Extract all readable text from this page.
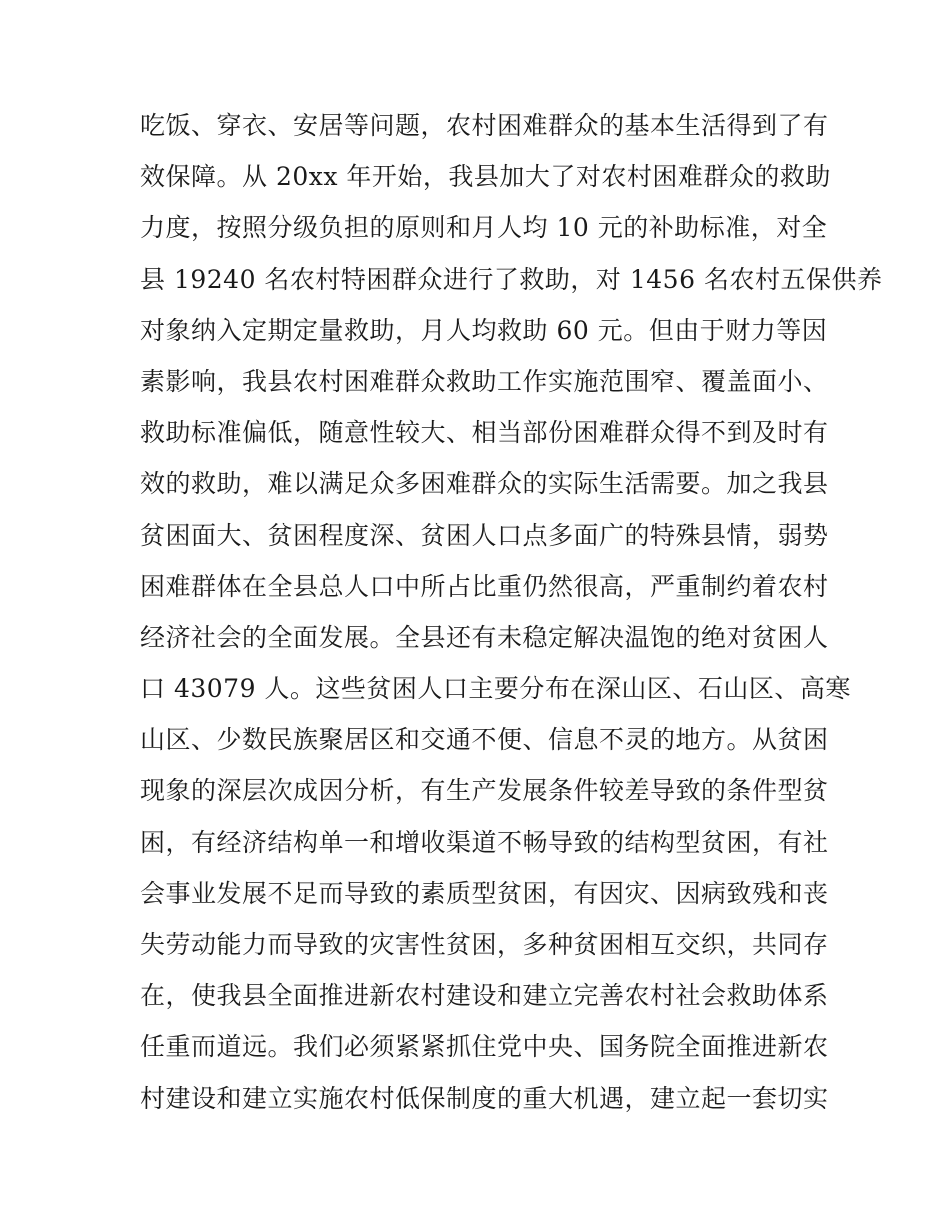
吃饭、穿衣、安居等问题，农村困难群众的基本生活得到了有
效保障。从 20xx 年开始，我县加大了对农村困难群众的救助
力度，按照分级负担的原则和月人均 10 元的补助标准，对全
县 19240 名农村特困群众进行了救助，对 1456 名农村五保供养
对象纳入定期定量救助，月人均救助 60 元。但由于财力等因
素影响，我县农村困难群众救助工作实施范围窄、覆盖面小、
救助标准偏低，随意性较大、相当部份困难群众得不到及时有
效的救助，难以满足众多困难群众的实际生活需要。加之我县
贫困面大、贫困程度深、贫困人口点多面广的特殊县情，弱势
困难群体在全县总人口中所占比重仍然很高，严重制约着农村
经济社会的全面发展。全县还有未稳定解决温饱的绝对贫困人
口 43079 人。这些贫困人口主要分布在深山区、石山区、高寒
山区、少数民族聚居区和交通不便、信息不灵的地方。从贫困
现象的深层次成因分析，有生产发展条件较差导致的条件型贫
困，有经济结构单一和增收渠道不畅导致的结构型贫困，有社
会事业发展不足而导致的素质型贫困，有因灾、因病致残和丧
失劳动能力而导致的灾害性贫困，多种贫困相互交织，共同存
在，使我县全面推进新农村建设和建立完善农村社会救助体系
任重而道远。我们必须紧紧抓住党中央、国务院全面推进新农
村建设和建立实施农村低保制度的重大机遇，建立起一套切实
